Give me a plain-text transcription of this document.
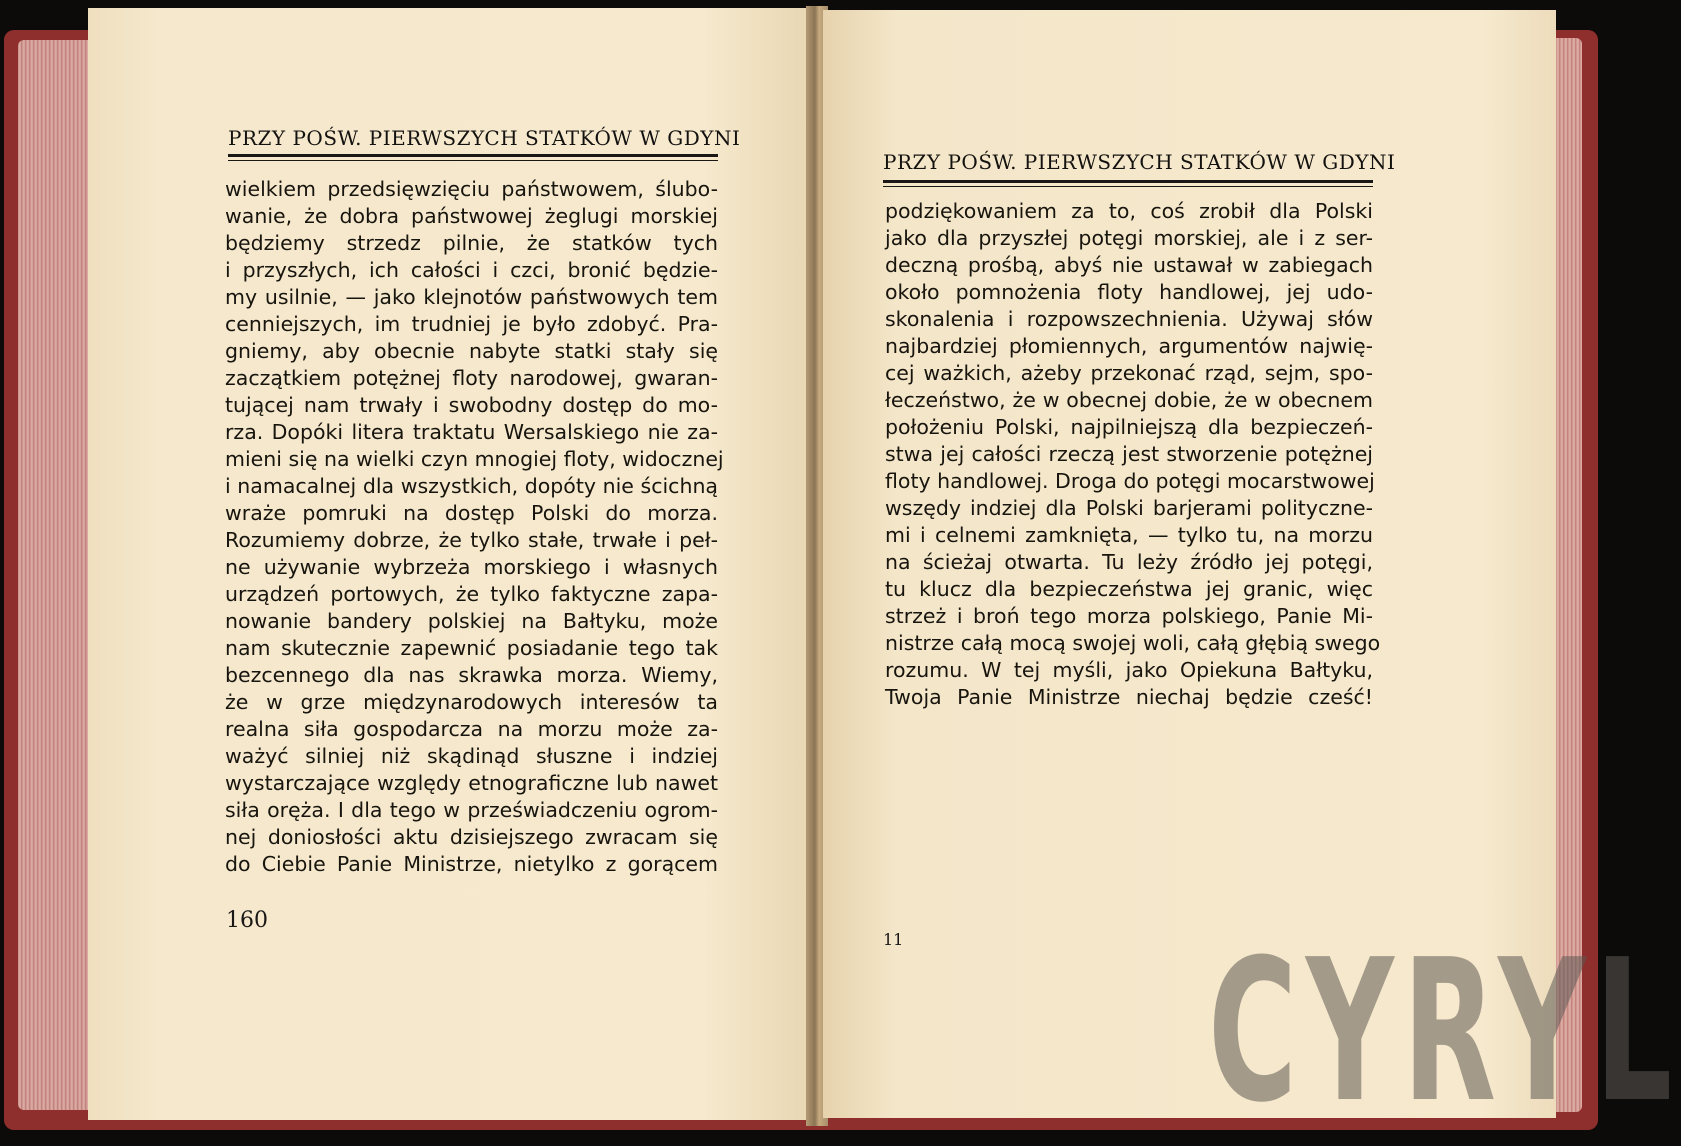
PRZY POŚW. PIERWSZYCH STATKÓW W GDYNI
wielkiem przedsięwzięciu państwowem, ślubo-
wanie, że dobra państwowej żeglugi morskiej
będziemy strzedz pilnie, że statków tych
i przyszłych, ich całości i czci, bronić będzie-
my usilnie, — jako klejnotów państwowych tem
cenniejszych, im trudniej je było zdobyć. Pra-
gniemy, aby obecnie nabyte statki stały się
zaczątkiem potężnej floty narodowej, gwaran-
tującej nam trwały i swobodny dostęp do mo-
rza. Dopóki litera traktatu Wersalskiego nie za-
mieni się na wielki czyn mnogiej floty, widocznej
i namacalnej dla wszystkich, dopóty nie ścichną
wraże pomruki na dostęp Polski do morza.
Rozumiemy dobrze, że tylko stałe, trwałe i peł-
ne używanie wybrzeża morskiego i własnych
urządzeń portowych, że tylko faktyczne zapa-
nowanie bandery polskiej na Bałtyku, może
nam skutecznie zapewnić posiadanie tego tak
bezcennego dla nas skrawka morza. Wiemy,
że w grze międzynarodowych interesów ta
realna siła gospodarcza na morzu może za-
ważyć silniej niż skądinąd słuszne i indziej
wystarczające względy etnograficzne lub nawet
siła oręża. I dla tego w przeświadczeniu ogrom-
nej doniosłości aktu dzisiejszego zwracam się
do Ciebie Panie Ministrze, nietylko z gorącem
160
PRZY POŚW. PIERWSZYCH STATKÓW W GDYNI
podziękowaniem za to, coś zrobił dla Polski
jako dla przyszłej potęgi morskiej, ale i z ser-
deczną prośbą, abyś nie ustawał w zabiegach
około pomnożenia floty handlowej, jej udo-
skonalenia i rozpowszechnienia. Używaj słów
najbardziej płomiennych, argumentów najwię-
cej ważkich, ażeby przekonać rząd, sejm, spo-
łeczeństwo, że w obecnej dobie, że w obecnem
położeniu Polski, najpilniejszą dla bezpieczeń-
stwa jej całości rzeczą jest stworzenie potężnej
floty handlowej. Droga do potęgi mocarstwowej
wszędy indziej dla Polski barjerami polityczne-
mi i celnemi zamknięta, — tylko tu, na morzu
na ścieżaj otwarta. Tu leży źródło jej potęgi,
tu klucz dla bezpieczeństwa jej granic, więc
strzeż i broń tego morza polskiego, Panie Mi-
nistrze całą mocą swojej woli, całą głębią swego
rozumu. W tej myśli, jako Opiekuna Bałtyku,
Twoja Panie Ministrze niechaj będzie cześć!
11 CYRYL
